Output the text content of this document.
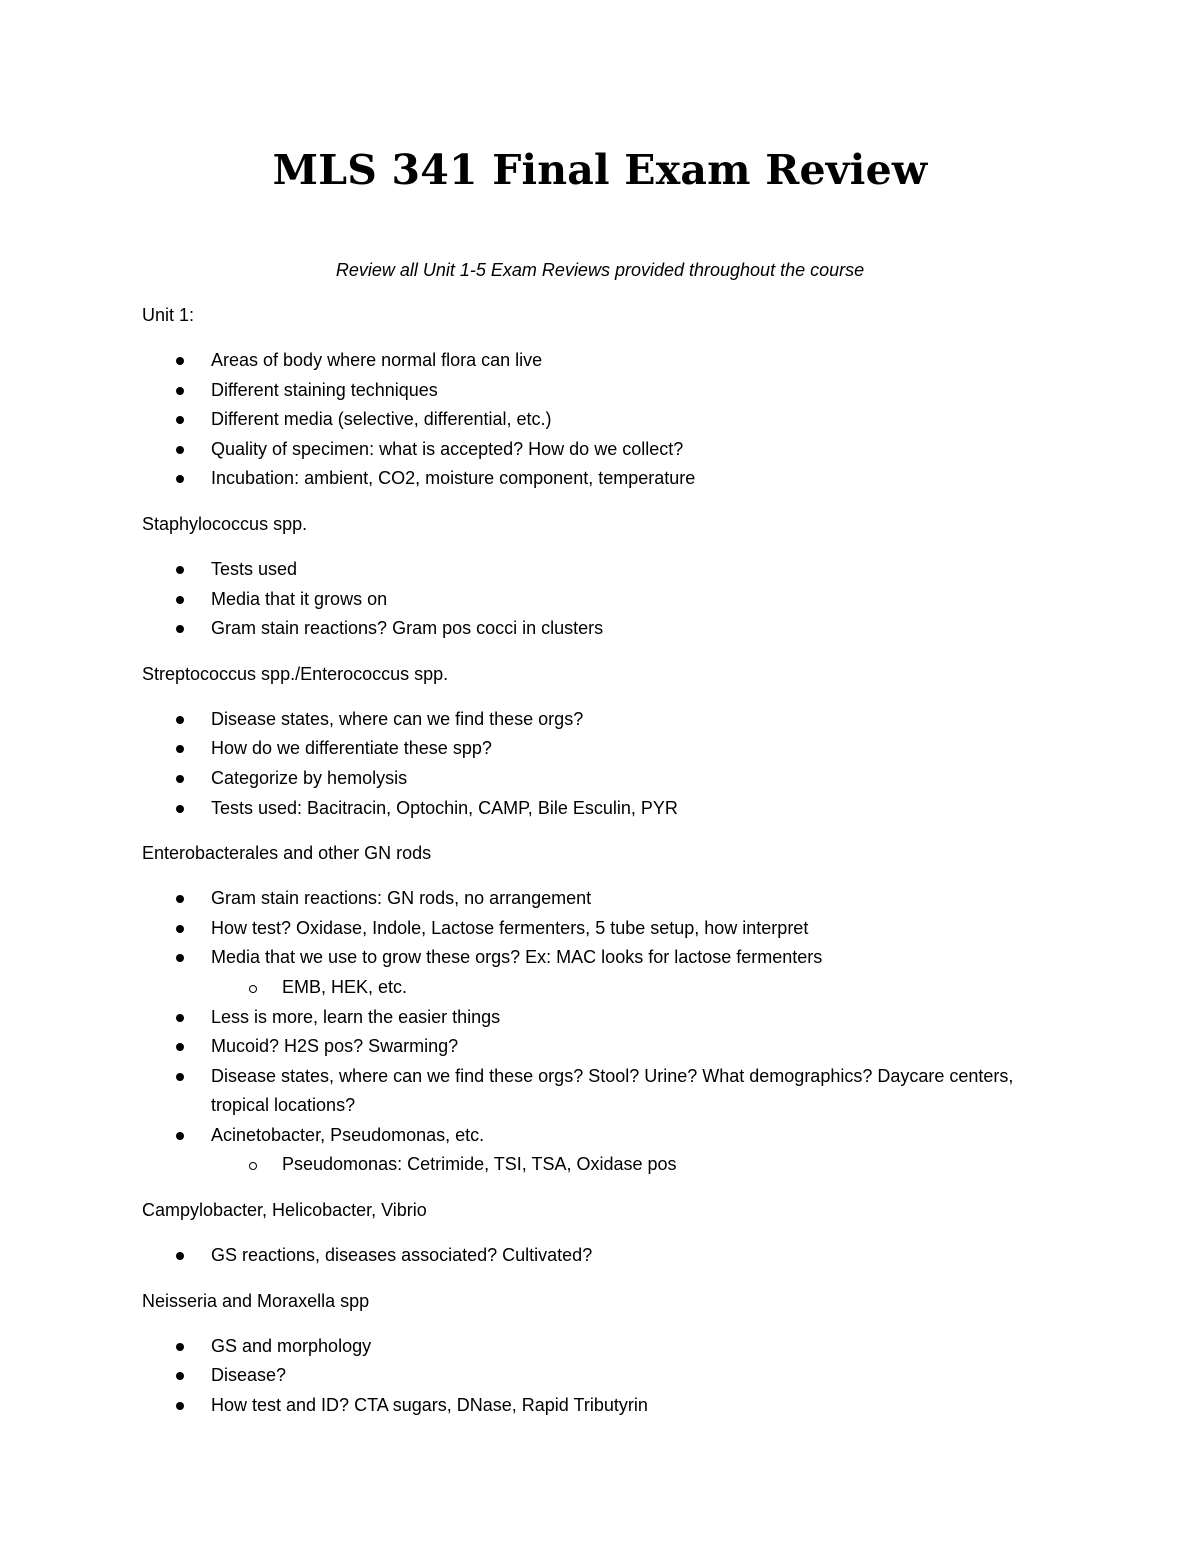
MLS 341 Final Exam Review

Review all Unit 1-5 Exam Reviews provided throughout the course

Unit 1:

Areas of body where normal flora can live
Different staining techniques
Different media (selective, differential, etc.)
Quality of specimen: what is accepted? How do we collect?
Incubation: ambient, CO2, moisture component, temperature

Staphylococcus spp.

Tests used
Media that it grows on
Gram stain reactions? Gram pos cocci in clusters

Streptococcus spp./Enterococcus spp.

Disease states, where can we find these orgs?
How do we differentiate these spp?
Categorize by hemolysis
Tests used: Bacitracin, Optochin, CAMP, Bile Esculin, PYR

Enterobacterales and other GN rods

Gram stain reactions: GN rods, no arrangement
How test? Oxidase, Indole, Lactose fermenters, 5 tube setup, how interpret
Media that we use to grow these orgs? Ex: MAC looks for lactose fermenters
EMB, HEK, etc.
Less is more, learn the easier things
Mucoid? H2S pos? Swarming?
Disease states, where can we find these orgs? Stool? Urine? What demographics? Daycare centers, tropical locations?
Acinetobacter, Pseudomonas, etc.
Pseudomonas: Cetrimide, TSI, TSA, Oxidase pos

Campylobacter, Helicobacter, Vibrio

GS reactions, diseases associated? Cultivated?

Neisseria and Moraxella spp

GS and morphology
Disease?
How test and ID? CTA sugars, DNase, Rapid Tributyrin
